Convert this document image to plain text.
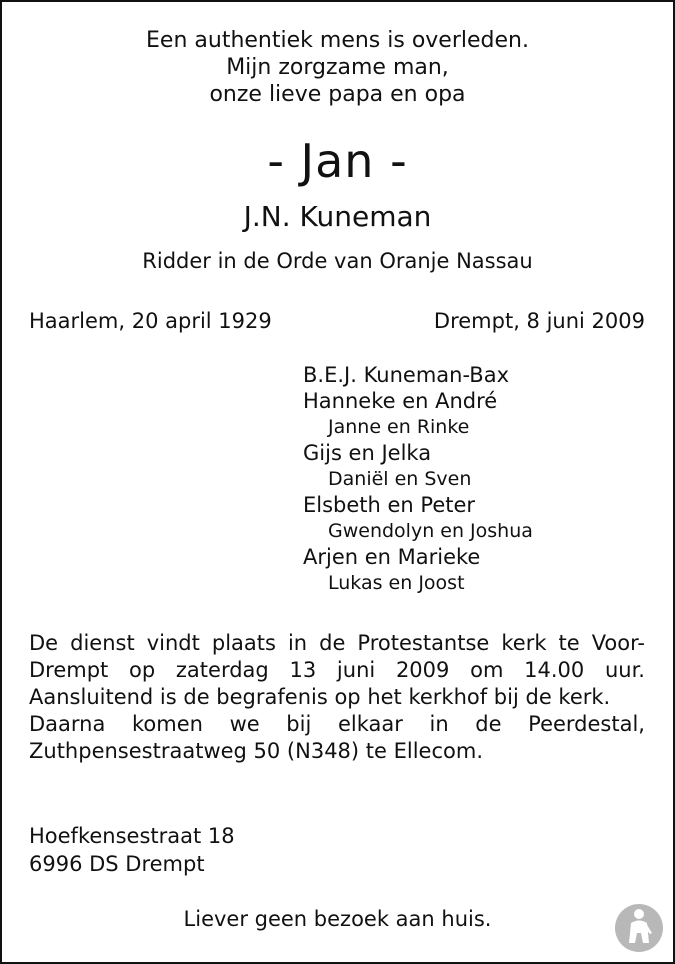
Een authentiek mens is overleden.
Mijn zorgzame man,
onze lieve papa en opa
- Jan -
J.N. Kuneman
Ridder in de Orde van Oranje Nassau
Haarlem, 20 april 1929	Drempt, 8 juni 2009
B.E.J. Kuneman-Bax
Hanneke en André
Janne en Rinke
Gijs en Jelka
Daniël en Sven
Elsbeth en Peter
Gwendolyn en Joshua
Arjen en Marieke
Lukas en Joost

De dienst vindt plaats in de Protestantse kerk te Voor-Drempt op zaterdag 13 juni 2009 om 14.00 uur. Aansluitend is de begrafenis op het kerkhof bij de kerk.

Daarna komen we bij elkaar in de Peerdestal, Zuthpensestraatweg 50 (N348) te Ellecom.

Hoefkensestraat 18
6996 DS Drempt
Liever geen bezoek aan huis.
